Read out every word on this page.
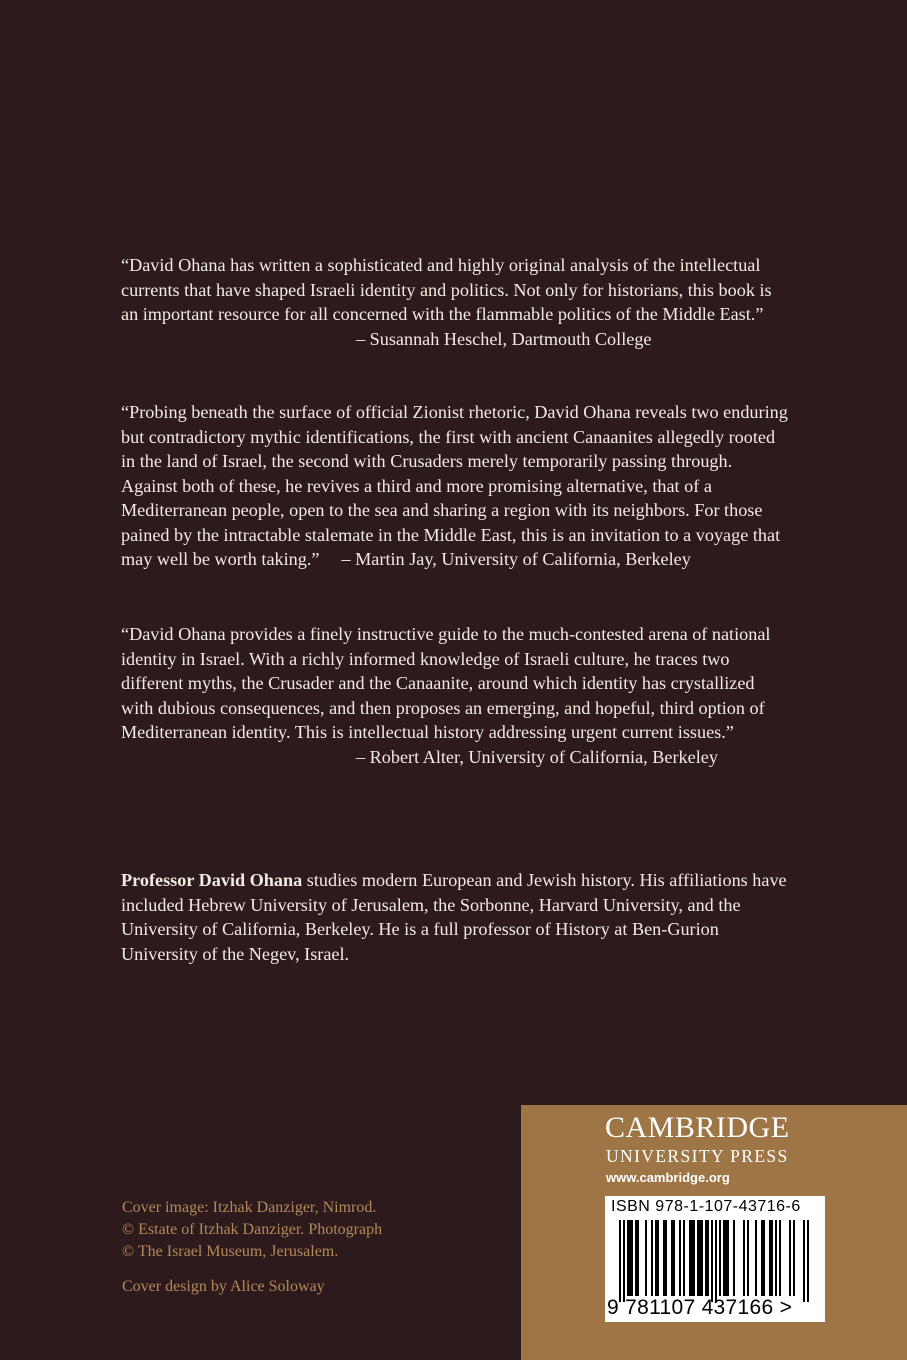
“David Ohana has written a sophisticated and highly original analysis of the intellectual currents that have shaped Israeli identity and politics. Not only for historians, this book is an important resource for all concerned with the flammable politics of the Middle East.”

– Susannah Heschel, Dartmouth College

“Probing beneath the surface of official Zionist rhetoric, David Ohana reveals two enduring but contradictory mythic identifications, the first with ancient Canaanites allegedly rooted in the land of Israel, the second with Crusaders merely temporarily passing through. Against both of these, he revives a third and more promising alternative, that of a Mediterranean people, open to the sea and sharing a region with its neighbors. For those pained by the intractable stalemate in the Middle East, this is an invitation to a voyage that may well be worth taking.” – Martin Jay, University of California, Berkeley

“David Ohana provides a finely instructive guide to the much-contested arena of national identity in Israel. With a richly informed knowledge of Israeli culture, he traces two different myths, the Crusader and the Canaanite, around which identity has crystallized with dubious consequences, and then proposes an emerging, and hopeful, third option of Mediterranean identity. This is intellectual history addressing urgent current issues.”

– Robert Alter, University of California, Berkeley

Professor David Ohana studies modern European and Jewish history. His affiliations have included Hebrew University of Jerusalem, the Sorbonne, Harvard University, and the University of California, Berkeley. He is a full professor of History at Ben-Gurion University of the Negev, Israel.

Cover image: Itzhak Danziger, Nimrod.
© Estate of Itzhak Danziger. Photograph
© The Israel Museum, Jerusalem.
Cover design by Alice Soloway
CAMBRIDGE
UNIVERSITY PRESS
www.cambridge.org
ISBN 978-1-107-43716-6
9 781107 437166 >
